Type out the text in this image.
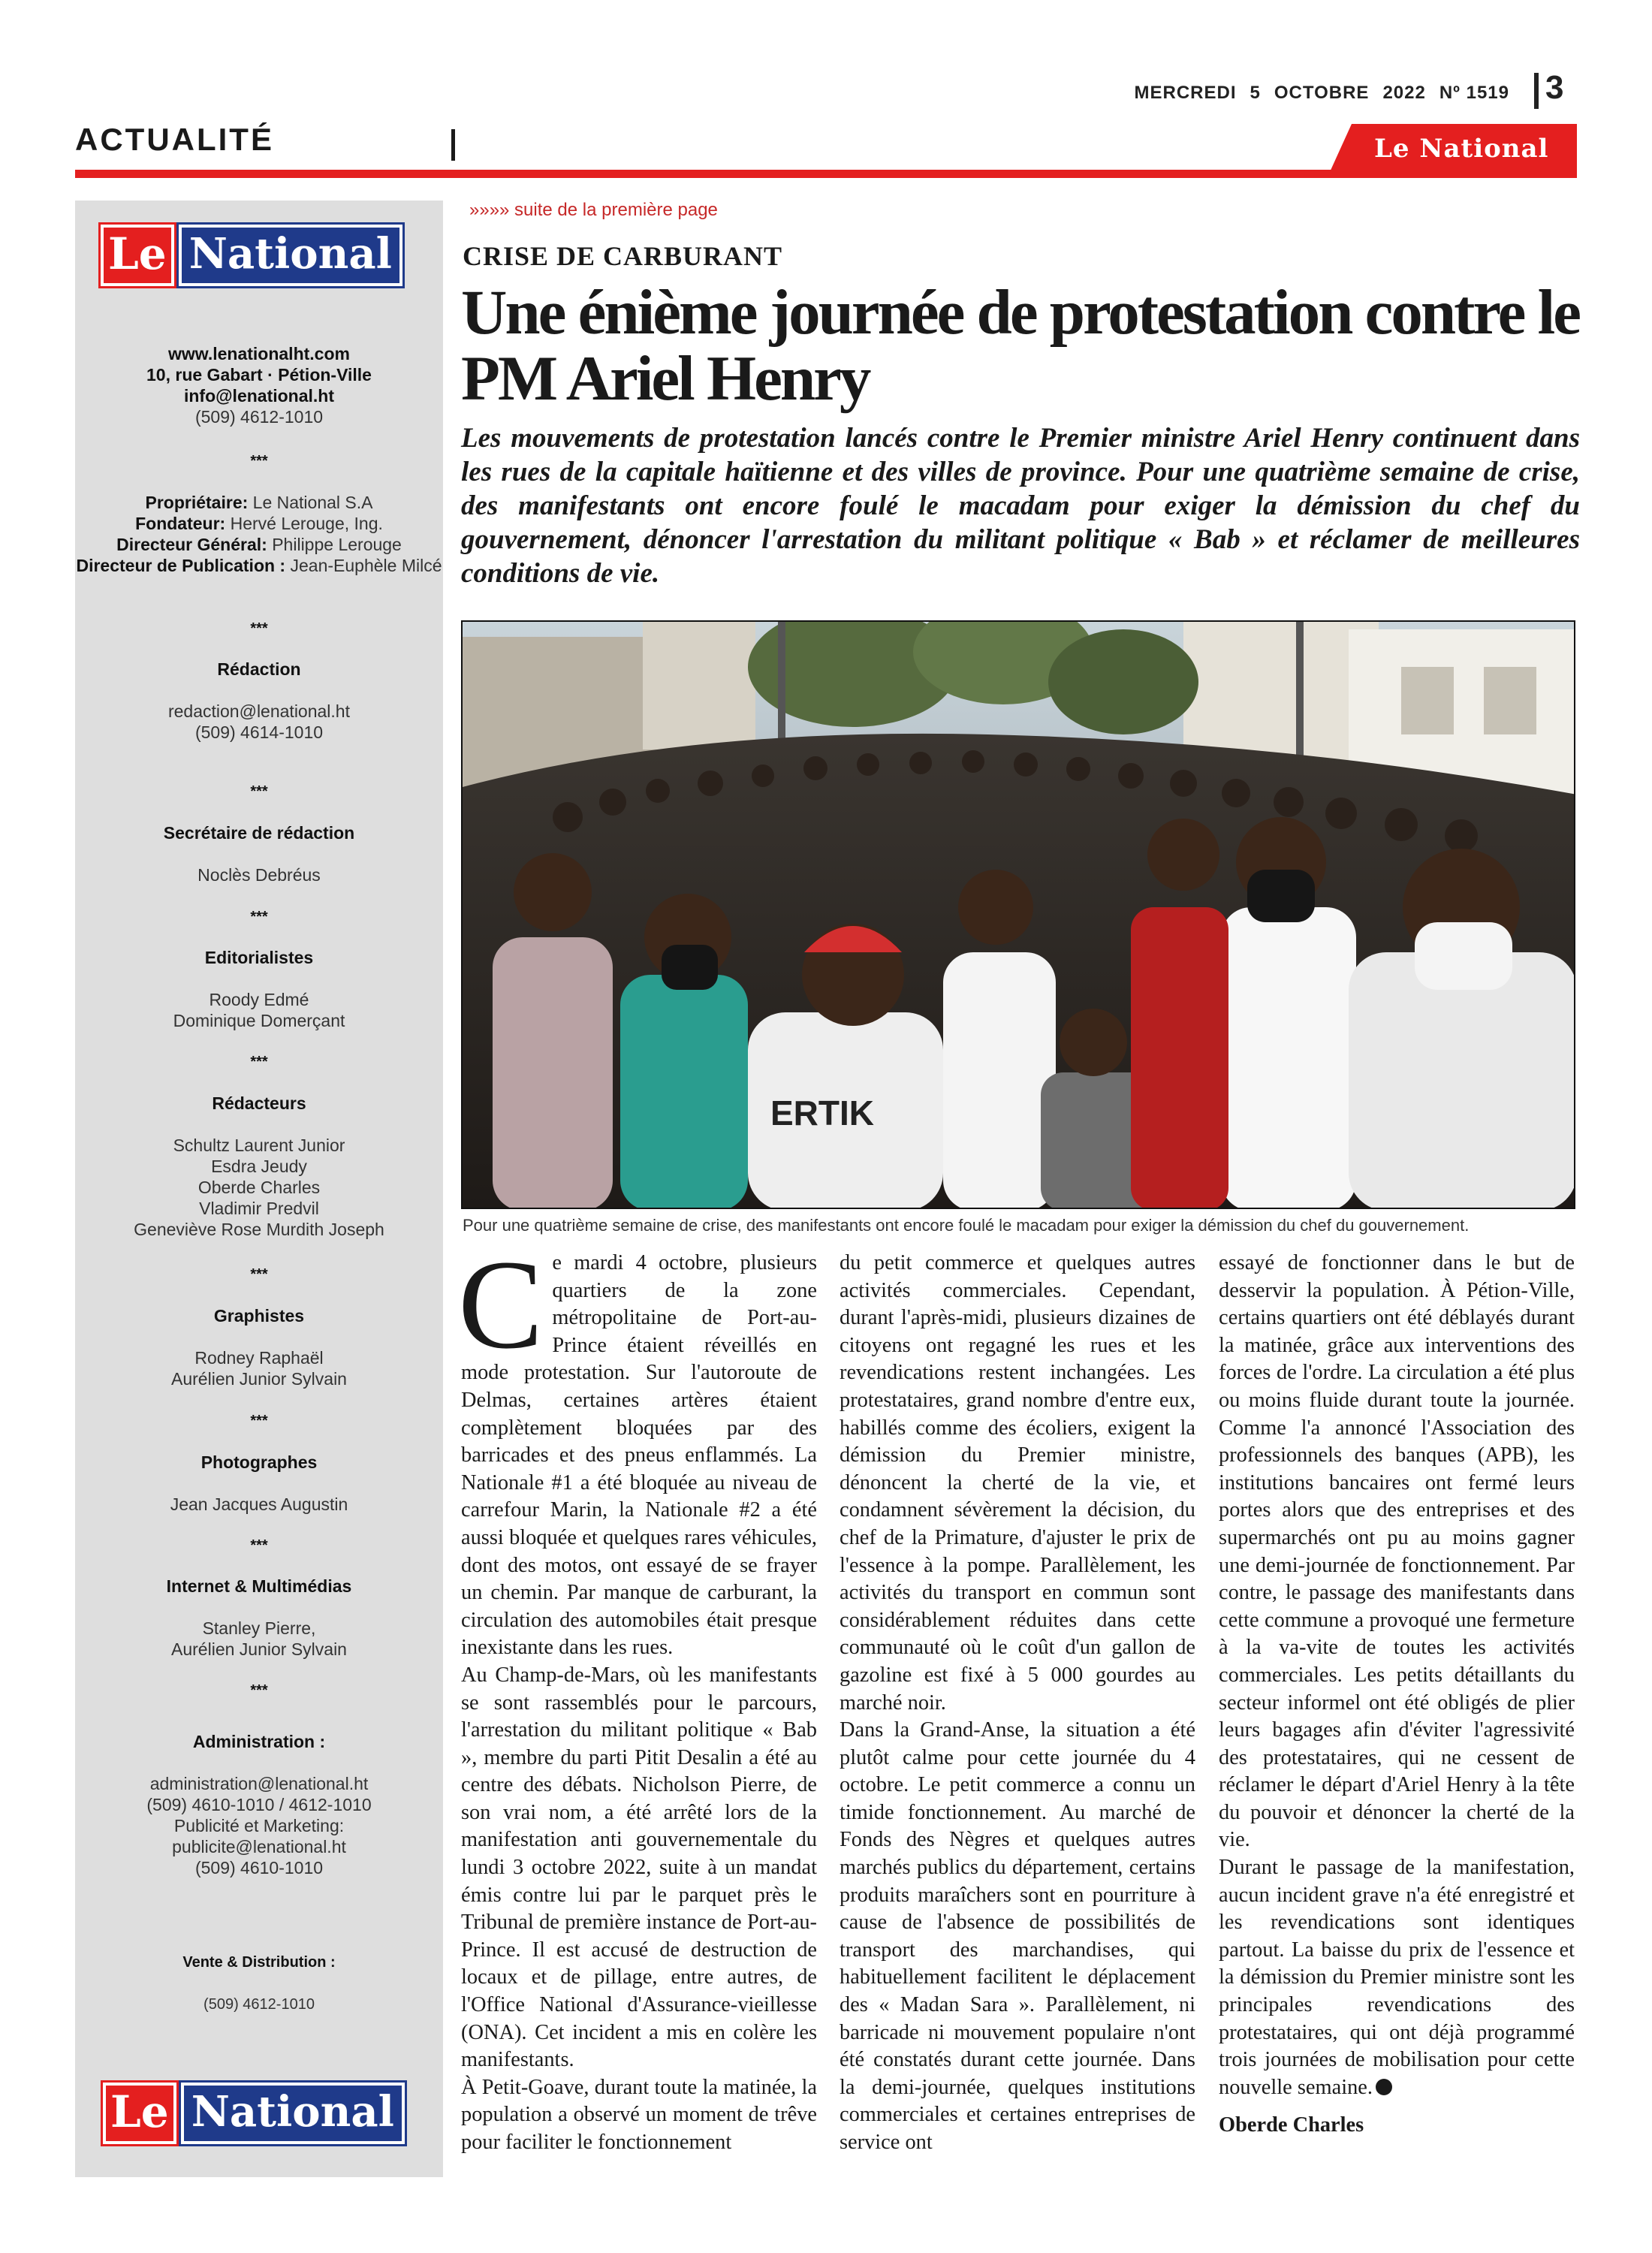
MERCREDI 5 OCTOBRE 2022 Nº 1519 3
ACTUALITÉ	Le National
Le National
www.lenationalht.com
10, rue Gabart · Pétion-Ville
info@lenational.ht
(509) 4612-1010
***
Propriétaire: Le National S.A
Fondateur: Hervé Lerouge, Ing.
Directeur Général: Philippe Lerouge
Directeur de Publication : Jean-Euphèle Milcé
***
Rédaction
redaction@lenational.ht
(509) 4614-1010
***
Secrétaire de rédaction
Noclès Debréus
***
Editorialistes
Roody Edmé
Dominique Domerçant
***
Rédacteurs
Schultz Laurent Junior
Esdra Jeudy
Oberde Charles
Vladimir Predvil
Geneviève Rose Murdith Joseph
***
Graphistes
Rodney Raphaël
Aurélien Junior Sylvain
***
Photographes
Jean Jacques Augustin
***
Internet & Multimédias
Stanley Pierre,
Aurélien Junior Sylvain
***
Administration :
administration@lenational.ht
(509) 4610-1010 / 4612-1010
Publicité et Marketing:
publicite@lenational.ht
(509) 4610-1010
Vente & Distribution :
(509) 4612-1010
Le National
»»»» suite de la première page
CRISE DE CARBURANT
Une énième journée de protestation contre le PM Ariel Henry

Les mouvements de protestation lancés contre le Premier ministre Ariel Henry continuent dans les rues de la capitale haïtienne et des villes de province. Pour une quatrième semaine de crise, des manifestants ont encore foulé le macadam pour exiger la démission du chef du gouvernement, dénoncer l'arrestation du militant politique « Bab » et réclamer de meilleures conditions de vie.

ERTIK
Pour une quatrième semaine de crise, des manifestants ont encore foulé le macadam pour exiger la démission du chef du gouvernement.
C e mardi 4 octobre, plusieurs quartiers de la zone métropolitaine de Port-au-Prince étaient réveillés en mode protestation. Sur l'autoroute de Delmas, certaines artères étaient complètement bloquées par des barricades et des pneus enflammés. La Nationale #1 a été bloquée au niveau de carrefour Marin, la Nationale #2 a été aussi bloquée et quelques rares véhicules, dont des motos, ont essayé de se frayer un chemin. Par manque de carburant, la circulation des automobiles était presque inexistante dans les rues.

Au Champ-de-Mars, où les manifestants se sont rassemblés pour le parcours, l'arrestation du militant politique « Bab », membre du parti Pitit Desalin a été au centre des débats. Nicholson Pierre, de son vrai nom, a été arrêté lors de la manifestation anti gouvernementale du lundi 3 octobre 2022, suite à un mandat émis contre lui par le parquet près le Tribunal de première instance de Port-au-Prince. Il est accusé de destruction de locaux et de pillage, entre autres, de l'Office National d'Assurance-vieillesse (ONA). Cet incident a mis en colère les manifestants.

À Petit-Goave, durant toute la matinée, la population a observé un moment de trêve pour faciliter le fonctionnement

du petit commerce et quelques autres activités commerciales. Cependant, durant l'après-midi, plusieurs dizaines de citoyens ont regagné les rues et les revendications restent inchangées. Les protestataires, grand nombre d'entre eux, habillés comme des écoliers, exigent la démission du Premier ministre, dénoncent la cherté de la vie, et condamnent sévèrement la décision, du chef de la Primature, d'ajuster le prix de l'essence à la pompe. Parallèlement, les activités du transport en commun sont considérablement réduites dans cette communauté où le coût d'un gallon de gazoline est fixé à 5 000 gourdes au marché noir.

Dans la Grand-Anse, la situation a été plutôt calme pour cette journée du 4 octobre. Le petit commerce a connu un timide fonctionnement. Au marché de Fonds des Nègres et quelques autres marchés publics du département, certains produits maraîchers sont en pourriture à cause de l'absence de possibilités de transport des marchandises, qui habituellement facilitent le déplacement des « Madan Sara ». Parallèlement, ni barricade ni mouvement populaire n'ont été constatés durant cette journée. Dans la demi-journée, quelques institutions commerciales et certaines entreprises de service ont

essayé de fonctionner dans le but de desservir la population. À Pétion-Ville, certains quartiers ont été déblayés durant la matinée, grâce aux interventions des forces de l'ordre. La circulation a été plus ou moins fluide durant toute la journée. Comme l'a annoncé l'Association des professionnels des banques (APB), les institutions bancaires ont fermé leurs portes alors que des entreprises et des supermarchés ont pu au moins gagner une demi-journée de fonctionnement. Par contre, le passage des manifestants dans cette commune a provoqué une fermeture à la va-vite de toutes les activités commerciales. Les petits détaillants du secteur informel ont été obligés de plier leurs bagages afin d'éviter l'agressivité des protestataires, qui ne cessent de réclamer le départ d'Ariel Henry à la tête du pouvoir et dénoncer la cherté de la vie.

Durant le passage de la manifestation, aucun incident grave n'a été enregistré et les revendications sont identiques partout. La baisse du prix de l'essence et la démission du Premier ministre sont les principales revendications des protestataires, qui ont déjà programmé trois journées de mobilisation pour cette nouvelle semaine.

Oberde Charles
